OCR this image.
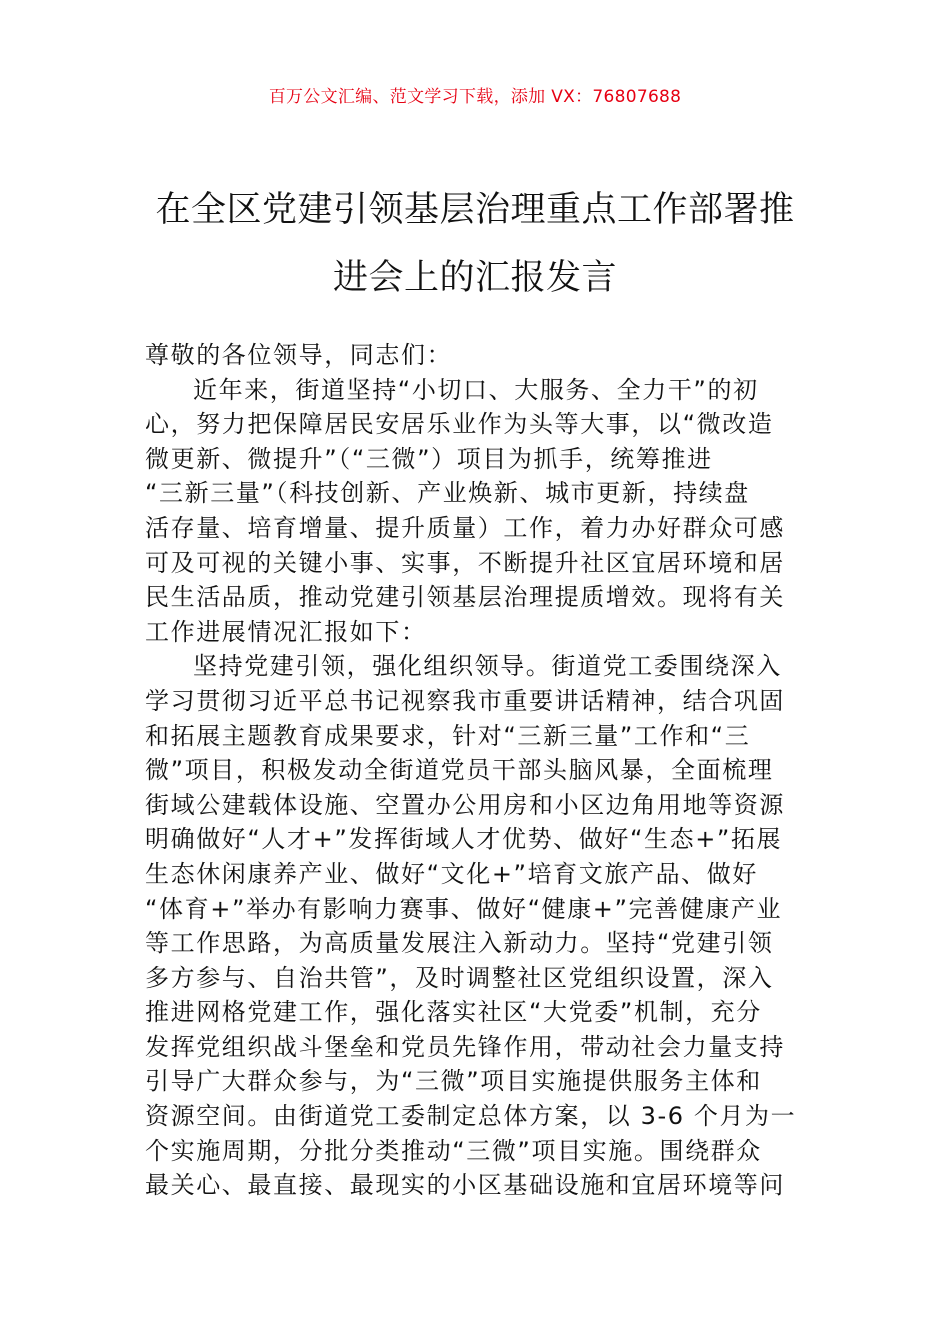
百万公文汇编、范文学习下载，添加 VX：76807688
在全区党建引领基层治理重点工作部署推
进会上的汇报发言
尊敬的各位领导，同志们：
近年来，街道坚持“小切口、大服务、全力干”的初
心，努力把保障居民安居乐业作为头等大事，以“微改造
微更新、微提升”（“三微”）项目为抓手，统筹推进
“三新三量”（科技创新、产业焕新、城市更新，持续盘
活存量、培育增量、提升质量）工作，着力办好群众可感
可及可视的关键小事、实事，不断提升社区宜居环境和居
民生活品质，推动党建引领基层治理提质增效。现将有关
工作进展情况汇报如下：
坚持党建引领，强化组织领导。街道党工委围绕深入
学习贯彻习近平总书记视察我市重要讲话精神，结合巩固
和拓展主题教育成果要求，针对“三新三量”工作和“三
微”项目，积极发动全街道党员干部头脑风暴，全面梳理
街域公建载体设施、空置办公用房和小区边角用地等资源
明确做好“人才+”发挥街域人才优势、做好“生态+”拓展
生态休闲康养产业、做好“文化+”培育文旅产品、做好
“体育+”举办有影响力赛事、做好“健康+”完善健康产业
等工作思路，为高质量发展注入新动力。坚持“党建引领
多方参与、自治共管”，及时调整社区党组织设置，深入
推进网格党建工作，强化落实社区“大党委”机制，充分
发挥党组织战斗堡垒和党员先锋作用，带动社会力量支持
引导广大群众参与，为“三微”项目实施提供服务主体和
资源空间。由街道党工委制定总体方案，以 3-6 个月为一
个实施周期，分批分类推动“三微”项目实施。围绕群众
最关心、最直接、最现实的小区基础设施和宜居环境等问
